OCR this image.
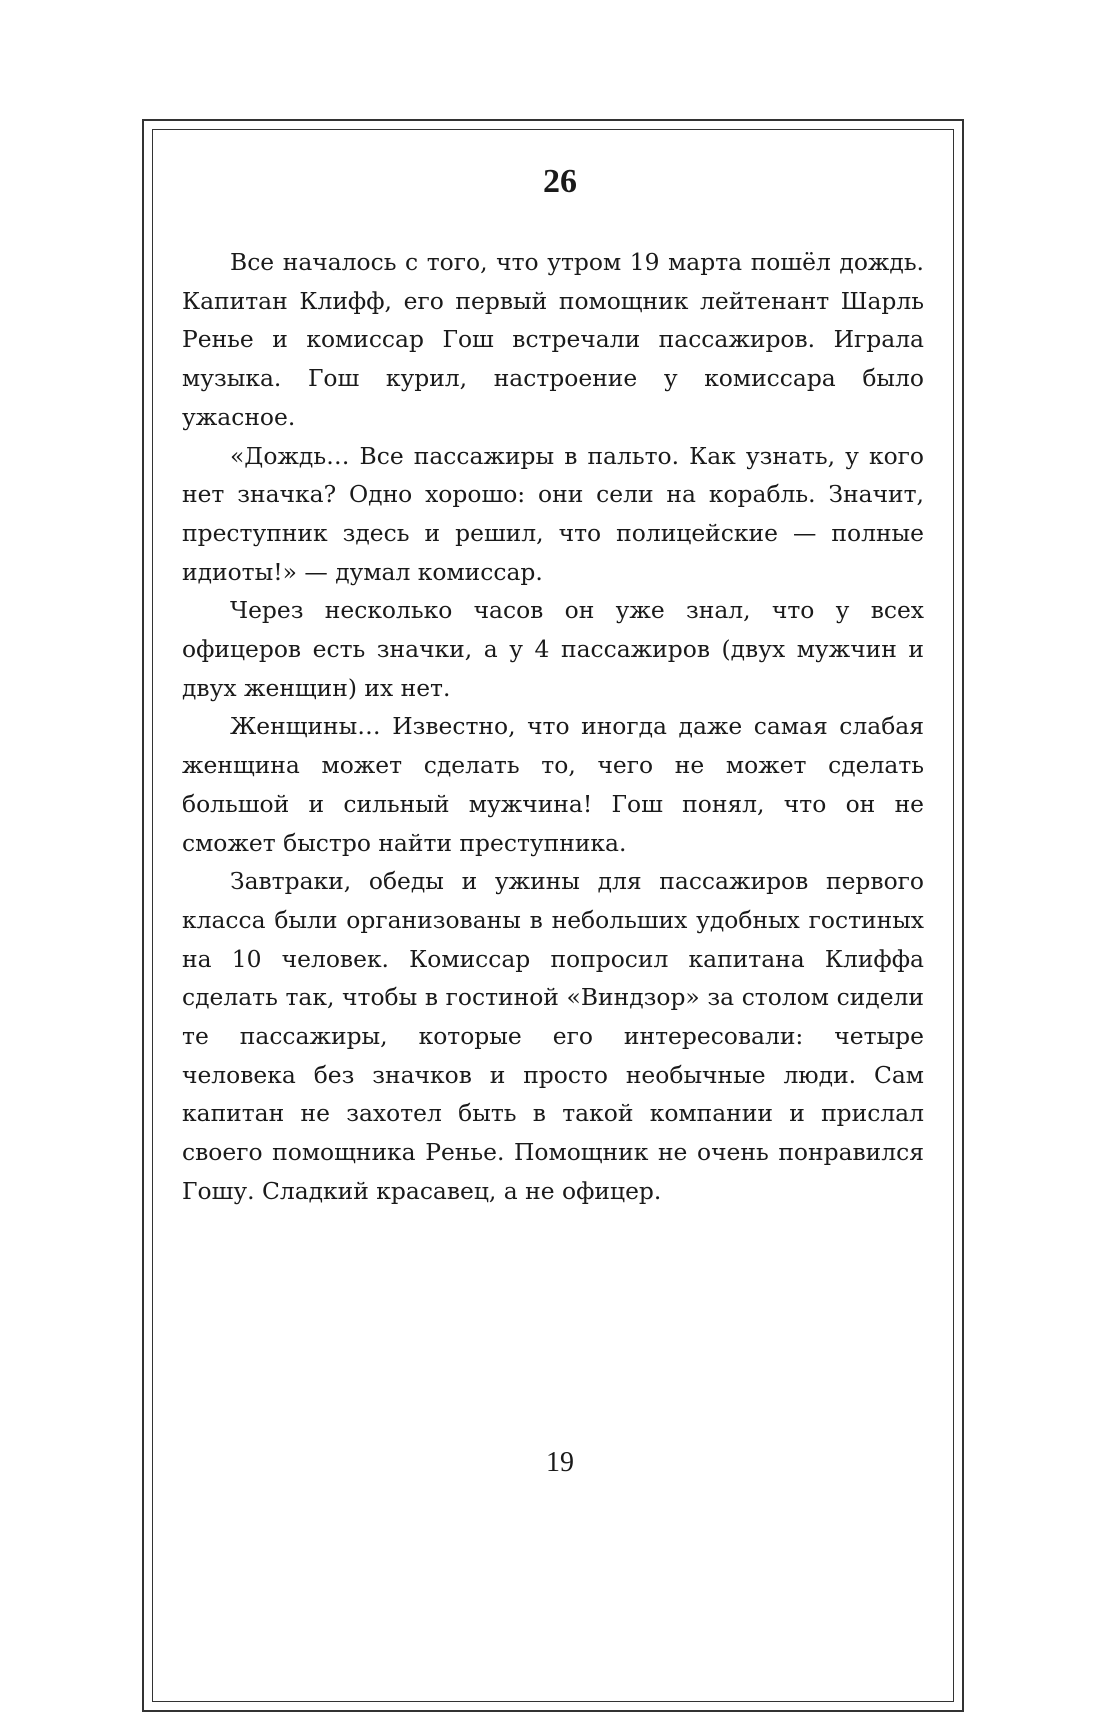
26

Все началось с того, что утром 19 марта пошёл дождь. Капитан Клифф, его первый помощник лейтенант Шарль Ренье и комиссар Гош встречали пассажиров. Играла музыка. Гош курил, настроение у комиссара было ужасное.

«Дождь… Все пассажиры в пальто. Как узнать, у кого нет значка? Одно хорошо: они сели на корабль. Значит, преступник здесь и решил, что полицейские — полные идиоты!» — думал комиссар.

Через несколько часов он уже знал, что у всех офицеров есть значки, а у 4 пассажиров (двух мужчин и двух женщин) их нет.

Женщины… Известно, что иногда даже самая слабая женщина может сделать то, чего не может сделать большой и сильный мужчина! Гош понял, что он не сможет быстро найти преступника.

Завтраки, обеды и ужины для пассажиров первого класса были организованы в небольших удобных гостиных на 10 человек. Комиссар попросил капитана Клиффа сделать так, чтобы в гостиной «Виндзор» за столом сидели те пассажиры, которые его интересовали: четыре человека без значков и просто необычные люди. Сам капитан не захотел быть в такой компании и прислал своего помощника Ренье. Помощник не очень понравился Гошу. Сладкий красавец, а не офицер.

19
